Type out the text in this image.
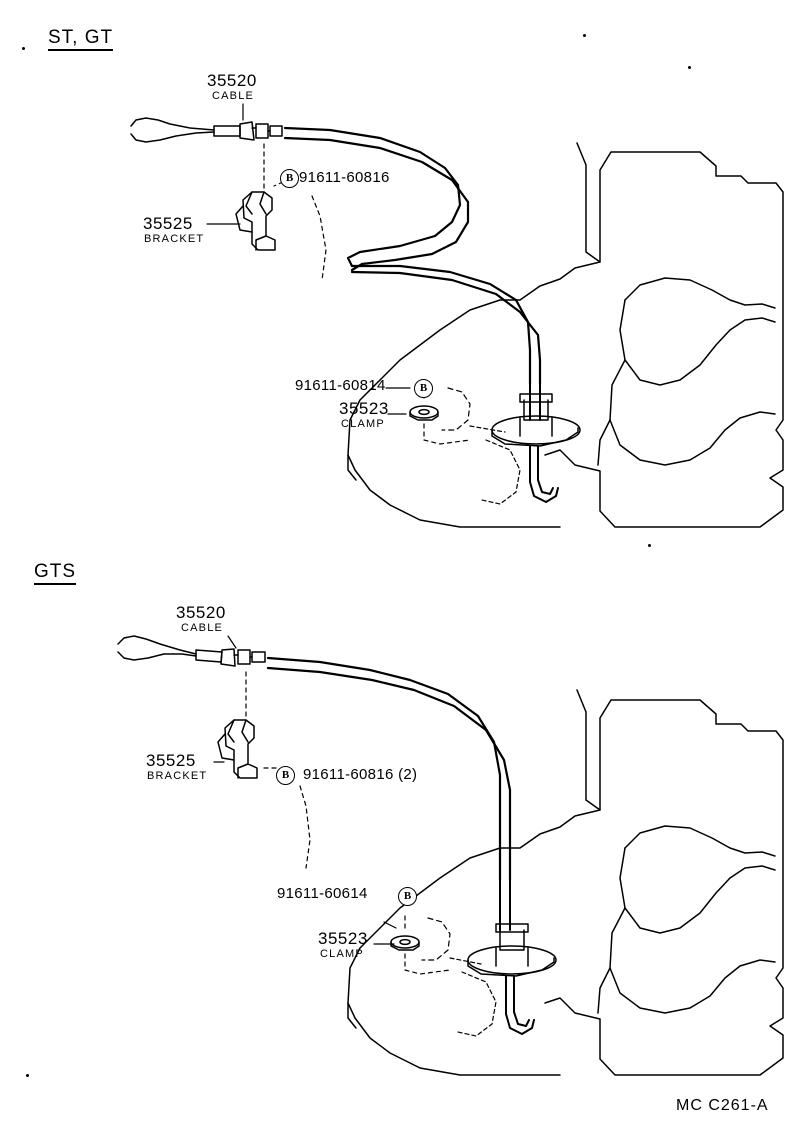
ST, GT
35520
CABLE
B 91611-60816
35525
BRACKET
91611-60814	B
35523
CLAMP
GTS
35520
CABLE
B 91611-60816 (2)
35525
BRACKET
91611-60614	B
35523
CLAMP
MC C261-A
